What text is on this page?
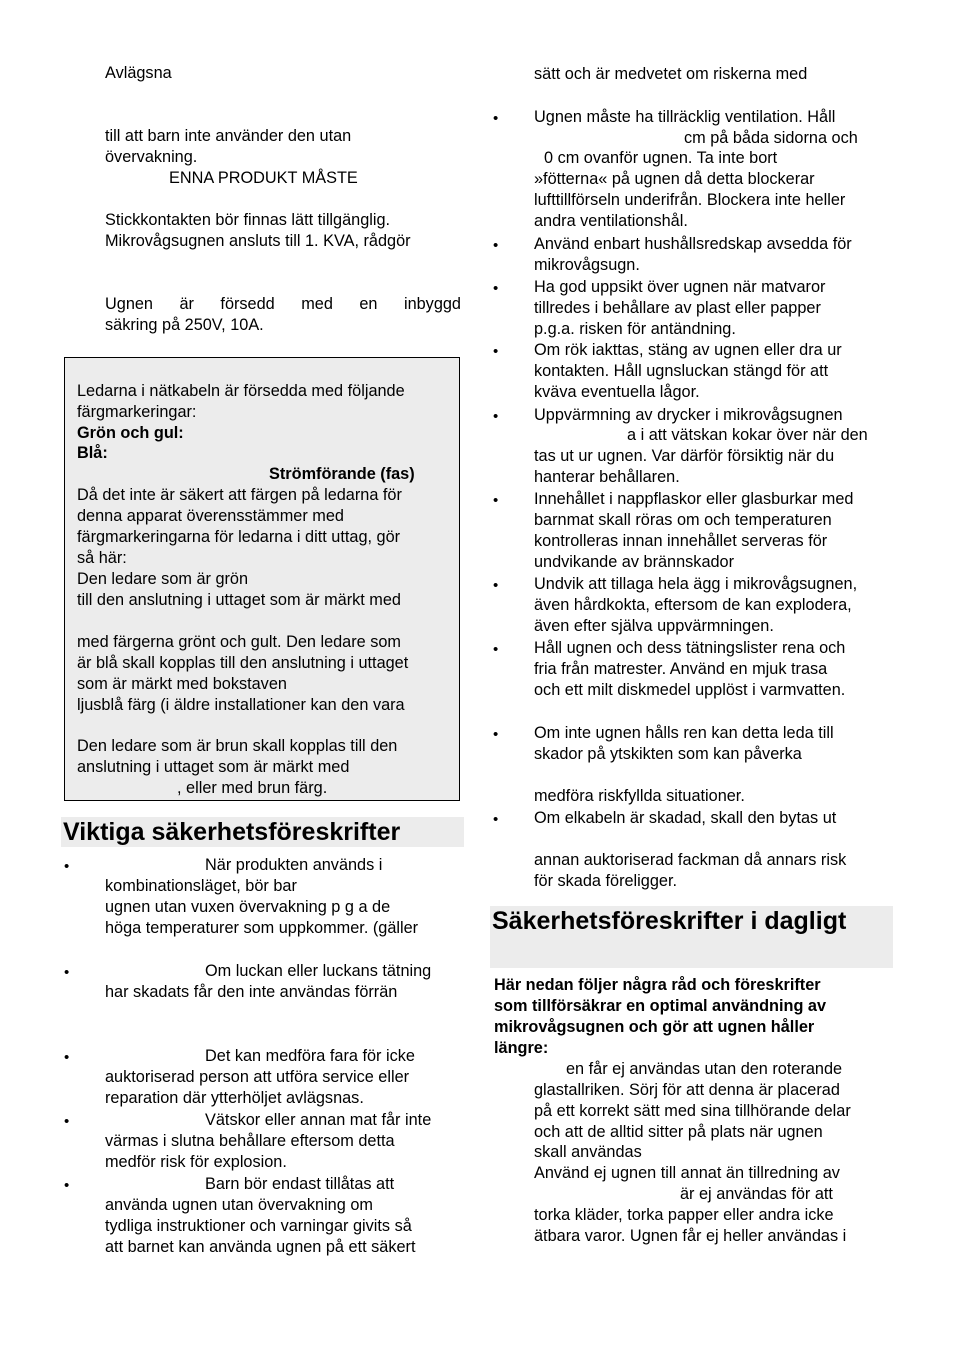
Avlägsna
till att barn inte använder den utan
övervakning.
ENNA PRODUKT MÅSTE
Stickkontakten bör finnas lätt tillgänglig.
Mikrovågsugnen ansluts till 1. KVA, rådgör
Ugnen är försedd med en inbyggd
säkring på 250V, 10A.
Ledarna i nätkabeln är försedda med följande
färgmarkeringar:
Grön och gul:
Blå:
Strömförande (fas)
Då det inte är säkert att färgen på ledarna för
denna apparat överensstämmer med
färgmarkeringarna för ledarna i ditt uttag, gör
så här:
Den ledare som är grön
till den anslutning i uttaget som är märkt med
med färgerna grönt och gult. Den ledare som
är blå skall kopplas till den anslutning i uttaget
som är märkt med bokstaven
ljusblå färg (i äldre installationer kan den vara
Den ledare som är brun skall kopplas till den
anslutning i uttaget som är märkt med
, eller med brun färg.
Viktiga säkerhetsföreskrifter
•	När produkten används i
kombinationsläget, bör bar
ugnen utan vuxen övervakning p g a de
höga temperaturer som uppkommer. (gäller
•	Om luckan eller luckans tätning
har skadats får den inte användas förrän
•	Det kan medföra fara för icke
auktoriserad person att utföra service eller
reparation där ytterhöljet avlägsnas.
•	Vätskor eller annan mat får inte
värmas i slutna behållare eftersom detta
medför risk för explosion.
•	Barn bör endast tillåtas att
använda ugnen utan övervakning om
tydliga instruktioner och varningar givits så
att barnet kan använda ugnen på ett säkert
sätt och är medvetet om riskerna med
• Ugnen måste ha tillräcklig ventilation. Håll
cm på båda sidorna och
0 cm ovanför ugnen. Ta inte bort
»fötterna« på ugnen då detta blockerar
lufttillförseln underifrån. Blockera inte heller
andra ventilationshål.
• Använd enbart hushållsredskap avsedda för
mikrovågsugn.
• Ha god uppsikt över ugnen när matvaror
tillredes i behållare av plast eller papper
p.g.a. risken för antändning.
• Om rök iakttas, stäng av ugnen eller dra ur
kontakten. Håll ugnsluckan stängd för att
kväva eventuella lågor.
• Uppvärmning av drycker i mikrovågsugnen
a i att vätskan kokar över när den
tas ut ur ugnen. Var därför försiktig när du
hanterar behållaren.
• Innehållet i nappflaskor eller glasburkar med
barnmat skall röras om och temperaturen
kontrolleras innan innehållet serveras för
undvikande av brännskador
• Undvik att tillaga hela ägg i mikrovågsugnen,
även hårdkokta, eftersom de kan explodera,
även efter själva uppvärmningen.
• Håll ugnen och dess tätningslister rena och
fria från matrester. Använd en mjuk trasa
och ett milt diskmedel upplöst i varmvatten.
• Om inte ugnen hålls ren kan detta leda till
skador på ytskikten som kan påverka
medföra riskfyllda situationer.
• Om elkabeln är skadad, skall den bytas ut
annan auktoriserad fackman då annars risk
för skada föreligger.
Säkerhetsföreskrifter i dagligt
Här nedan följer några råd och föreskrifter
som tillförsäkrar en optimal användning av
mikrovågsugnen och gör att ugnen håller
längre:
en får ej användas utan den roterande
glastallriken. Sörj för att denna är placerad
på ett korrekt sätt med sina tillhörande delar
och att de alltid sitter på plats när ugnen
skall användas
Använd ej ugnen till annat än tillredning av
är ej användas för att
torka kläder, torka papper eller andra icke
ätbara varor. Ugnen får ej heller användas i
